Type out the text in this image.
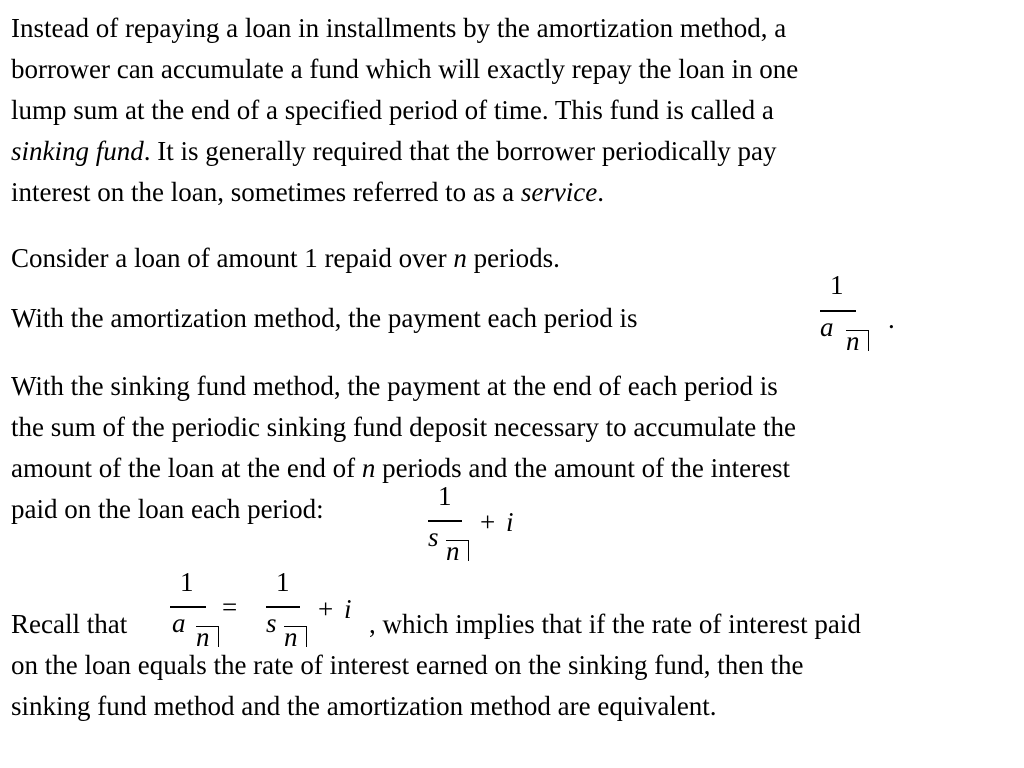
Instead of repaying a loan in installments by the amortization method, a
borrower can accumulate a fund which will exactly repay the loan in one
lump sum at the end of a specified period of time. This fund is called a
sinking fund. It is generally required that the borrower periodically pay
interest on the loan, sometimes referred to as a service.
Consider a loan of amount 1 repaid over n periods.
With the amortization method, the payment each period is
1
a n
.
With the sinking fund method, the payment at the end of each period is
the sum of the periodic sinking fund deposit necessary to accumulate the
amount of the loan at the end of n periods and the amount of the interest
paid on the loan each period:	1
s n
+ i
Recall that
1
a n
=
1
s n
+ i , which implies that if the rate of interest paid
on the loan equals the rate of interest earned on the sinking fund, then the
sinking fund method and the amortization method are equivalent.
